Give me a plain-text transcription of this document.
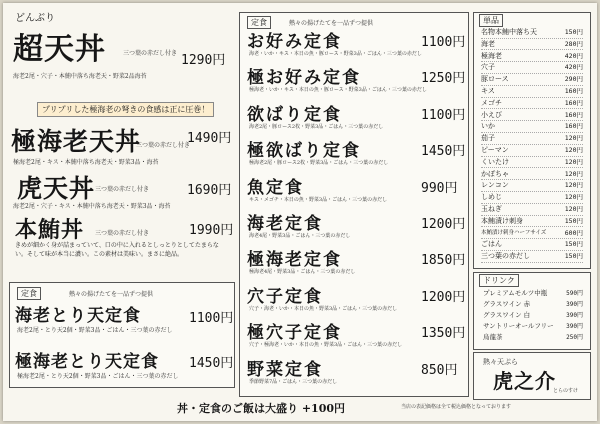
どんぶり
超天丼	三つ葉の赤だし付き 1290円
海老2尾・穴子・本鮪中落ち海老天・野菜2品海苔
プリプリした極海老の弩きの食感は正に圧巻！
極海老天丼
三つ葉の赤だし付き
1490円
極海老2尾・キス・本鮪中落ち海老天・野菜3品・海苔
虎天丼 三つ葉の赤だし付き	1690円
海老2尾・穴子・キス・本鮪中落ち海老天・野菜3品・海苔
本鮪丼 三つ葉の赤だし付き	1990円
きめが細かく身が詰まっていて、口の中に入れるとしっとりとしてたまらない。そして味が本当に濃い。この素材は美味い。まさに絶品。
定食	熱々の揚げたてを一品ずつ提供
海老とり天定食	1100円
海老2尾・とり天2個・野菜3品・ごはん・三つ葉の赤だし
極海老とり天定食 1450円
極海老2尾・とり天2個・野菜3品・ごはん・三つ葉の赤だし
定食	熱々の揚げたてを一品ずつ提供
お好み定食	1100円
海老・いか・キス・本日の魚・豚ロース・野菜3品・ごはん・三つ葉の赤だし
極お好み定食	1250円
極海老・いか・キス・本日の魚・豚ロース・野菜3品・ごはん・三つ葉の赤だし
欲ばり定食	1100円
海老2尾・豚ロース2枚・野菜3品・ごはん・三つ葉の赤だし
極欲ばり定食	1450円
極海老2尾・豚ロース2枚・野菜3品・ごはん・三つ葉の赤だし
魚定食	990円
キス・メゴチ・本日の魚・野菜3品・ごはん・三つ葉の赤だし
海老定食	1200円
海老4尾・野菜3品・ごはん・三つ葉の赤だし
極海老定食	1850円
極海老4尾・野菜3品・ごはん・三つ葉の赤だし
穴子定食	1200円
穴子・海老・いか・本日の魚・野菜3品・ごはん・三つ葉の赤だし
極穴子定食	1350円
穴子・極海老・いか・本日の魚・野菜3品・ごはん・三つ葉の赤だし
野菜定食	850円
季節野菜7品・ごはん・三つ葉の赤だし
単品
名物本鮪中落ち天	150円
海老	280円
極海老	420円
穴子	420円
豚ロース	290円
キス	160円
メゴチ	160円
小えび	160円
いか	160円
茄子	120円
ピーマン	120円
くいたけ	120円
かぼちゃ	120円
レンコン	120円
しめじ	120円
玉ねぎ	120円
本鮪漬け刺身	150円
本鮪漬け刺身ハーフサイズ	600円
ごはん	150円
三つ葉の赤だし	150円
ドリンク
プレミアムモルツ中瓶	590円
グラスワイン 赤	390円
グラスワイン 白	390円
サントリーオールフリー 390円
烏龍茶	250円
熱々天ぷら
虎之介
とらのすけ
丼・定食のご飯は大盛り +100円	当店の表記価格は全て税込価格となっております
